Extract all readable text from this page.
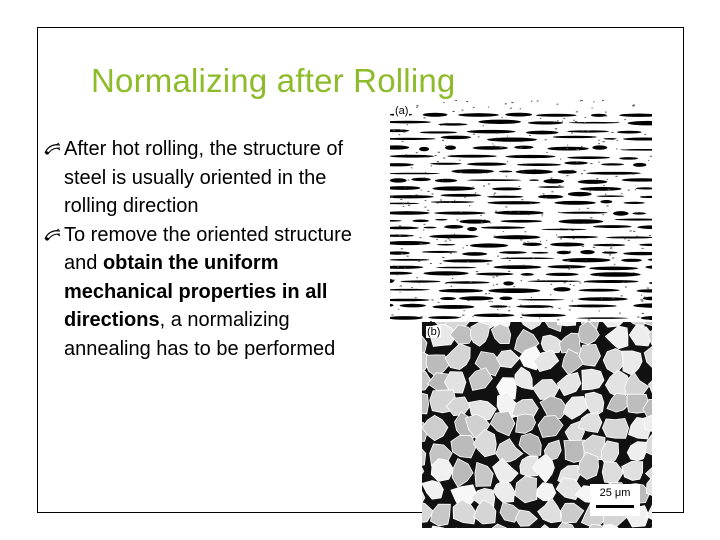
Normalizing after Rolling
After hot rolling, the structure of steel is usually oriented in the rolling direction
To remove the oriented structure and obtain the uniform mechanical properties in all directions, a normalizing annealing has to be performed
(a)
(b)
25 μm
